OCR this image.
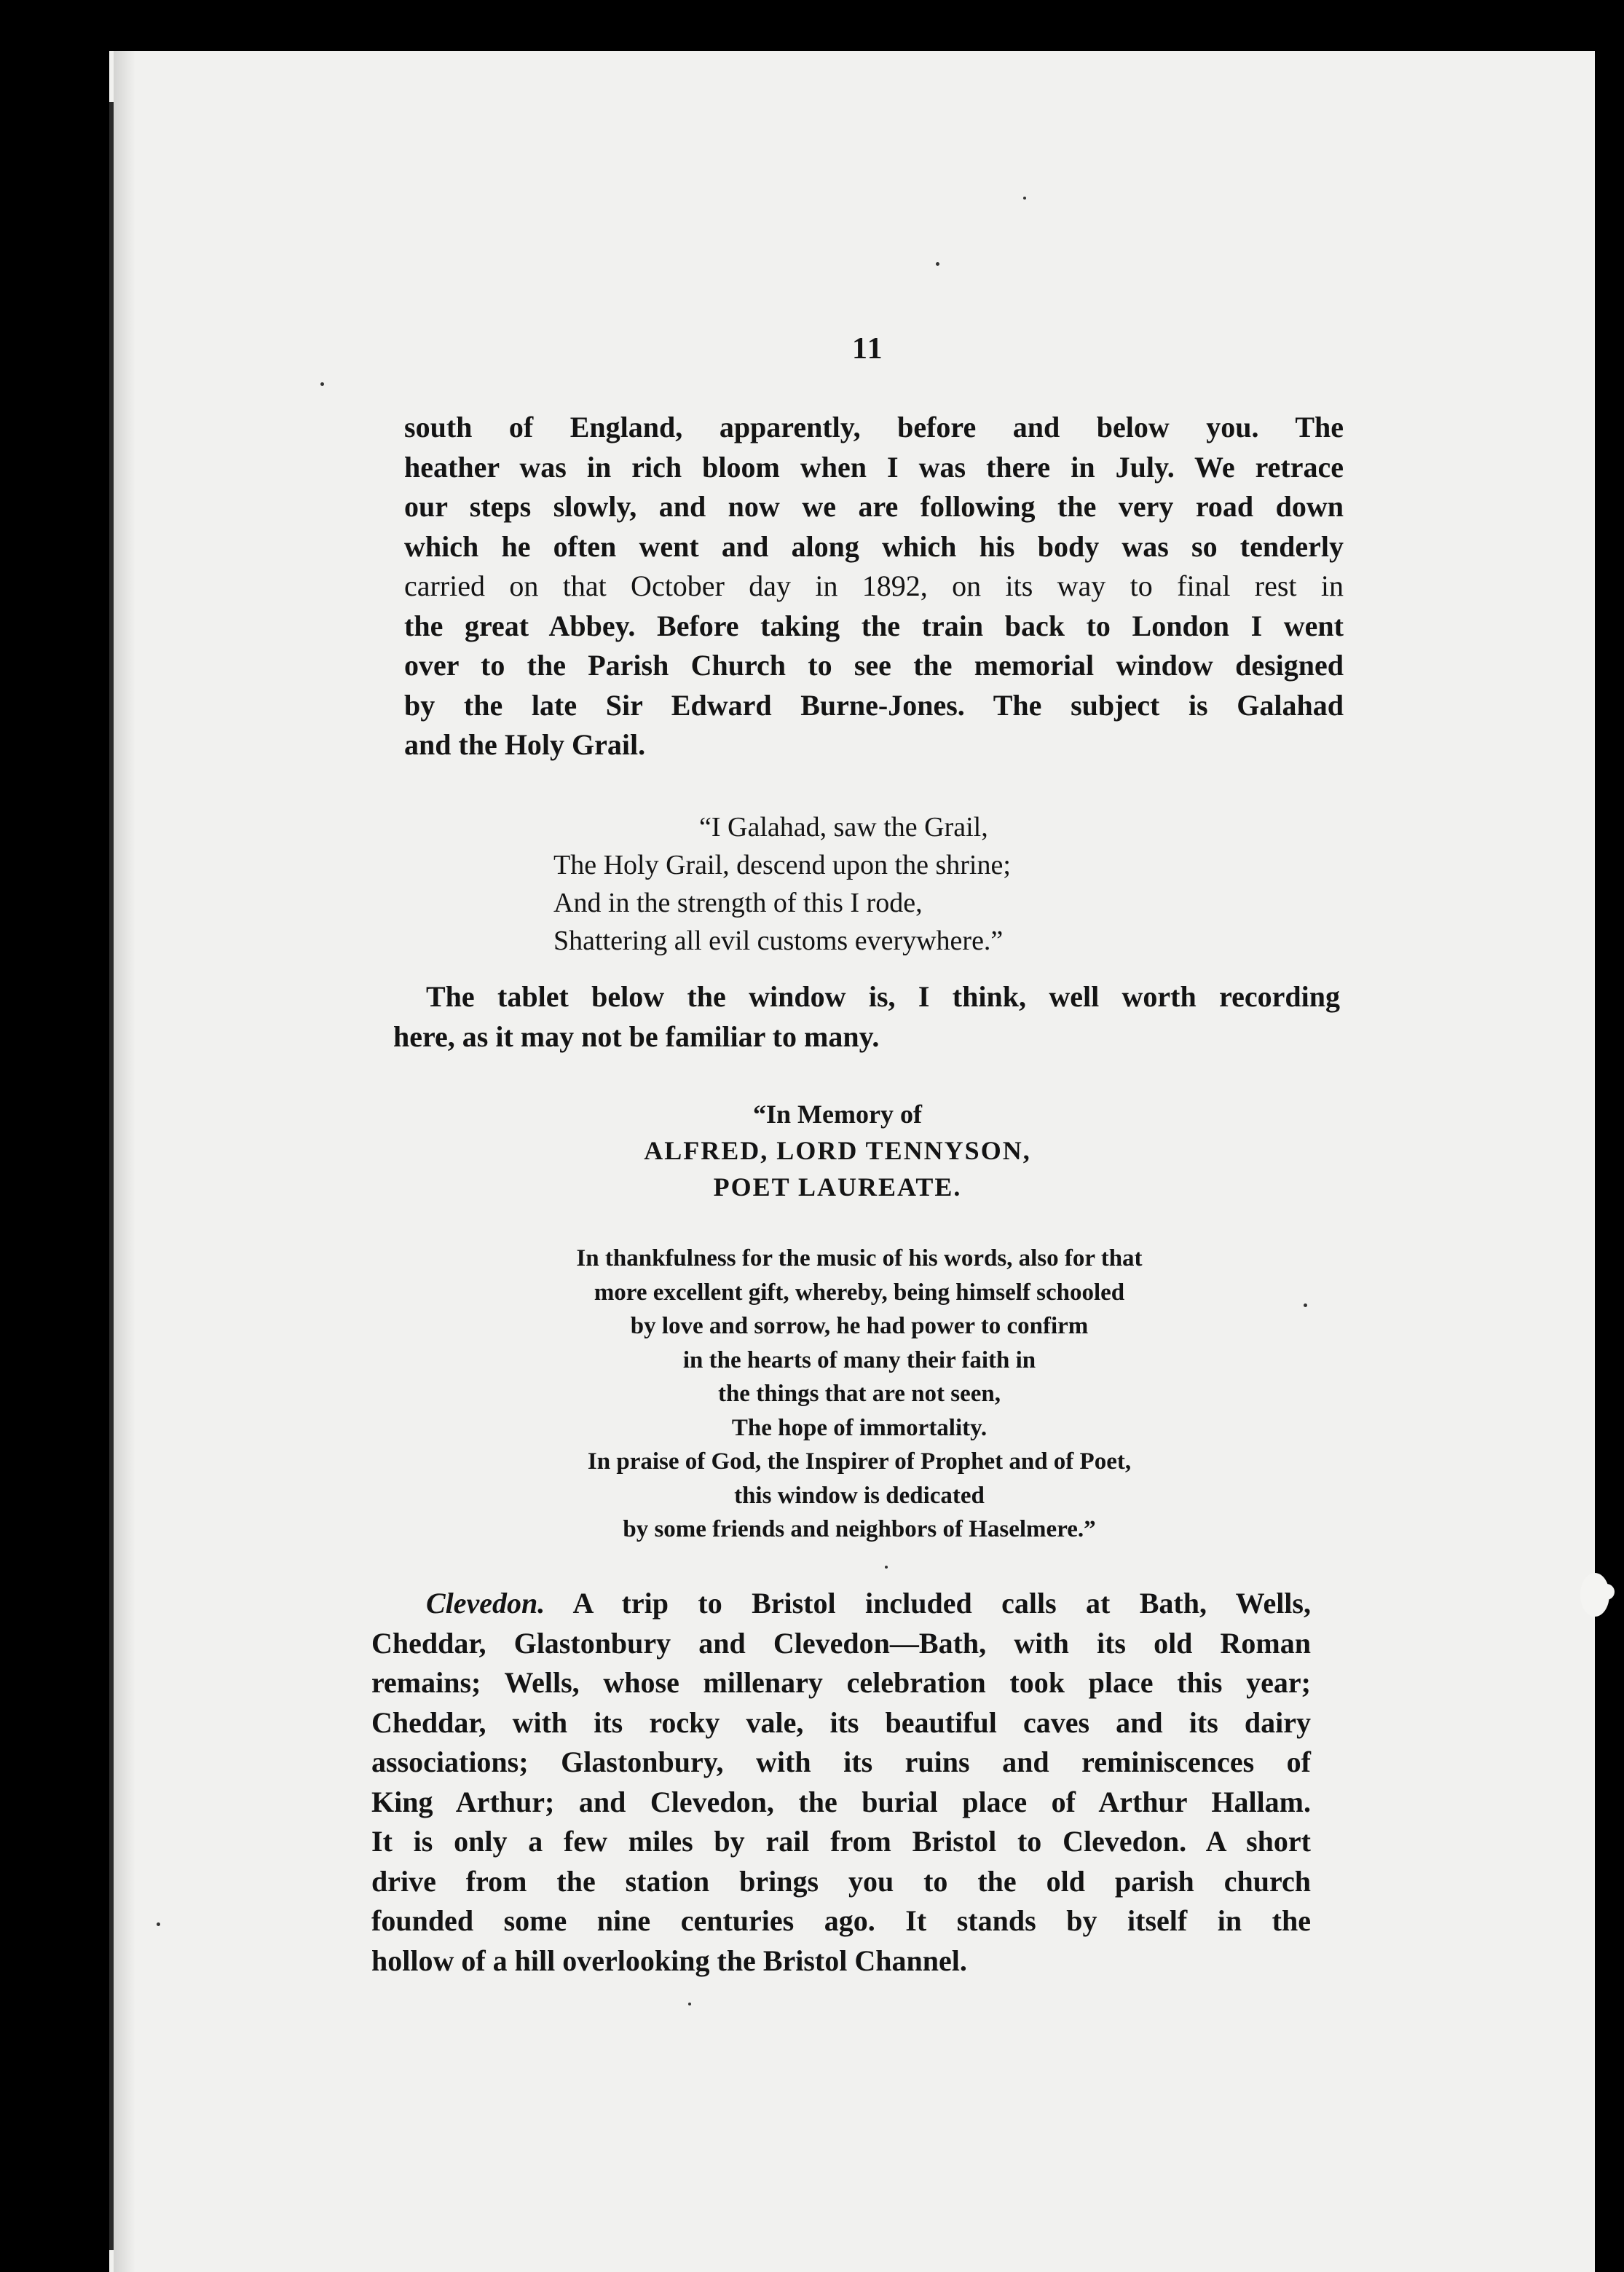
11
south of England, apparently, before and below you. The
heather was in rich bloom when I was there in July. We retrace
our steps slowly, and now we are following the very road down
which he often went and along which his body was so tenderly
carried on that October day in 1892, on its way to final rest in
the great Abbey. Before taking the train back to London I went
over to the Parish Church to see the memorial window designed
by the late Sir Edward Burne-Jones. The subject is Galahad
and the Holy Grail.
“I Galahad, saw the Grail,
The Holy Grail, descend upon the shrine;
And in the strength of this I rode,
Shattering all evil customs everywhere.”
The tablet below the window is, I think, well worth recording
here, as it may not be familiar to many.
“In Memory of
ALFRED, LORD TENNYSON,
POET LAUREATE.
In thankfulness for the music of his words, also for that
more excellent gift, whereby, being himself schooled
by love and sorrow, he had power to confirm
in the hearts of many their faith in
the things that are not seen,
The hope of immortality.
In praise of God, the Inspirer of Prophet and of Poet,
this window is dedicated
by some friends and neighbors of Haselmere.”
Clevedon. A trip to Bristol included calls at Bath, Wells,
Cheddar, Glastonbury and Clevedon—Bath, with its old Roman
remains; Wells, whose millenary celebration took place this year;
Cheddar, with its rocky vale, its beautiful caves and its dairy
associations; Glastonbury, with its ruins and reminiscences of
King Arthur; and Clevedon, the burial place of Arthur Hallam.
It is only a few miles by rail from Bristol to Clevedon. A short
drive from the station brings you to the old parish church
founded some nine centuries ago. It stands by itself in the
hollow of a hill overlooking the Bristol Channel.
